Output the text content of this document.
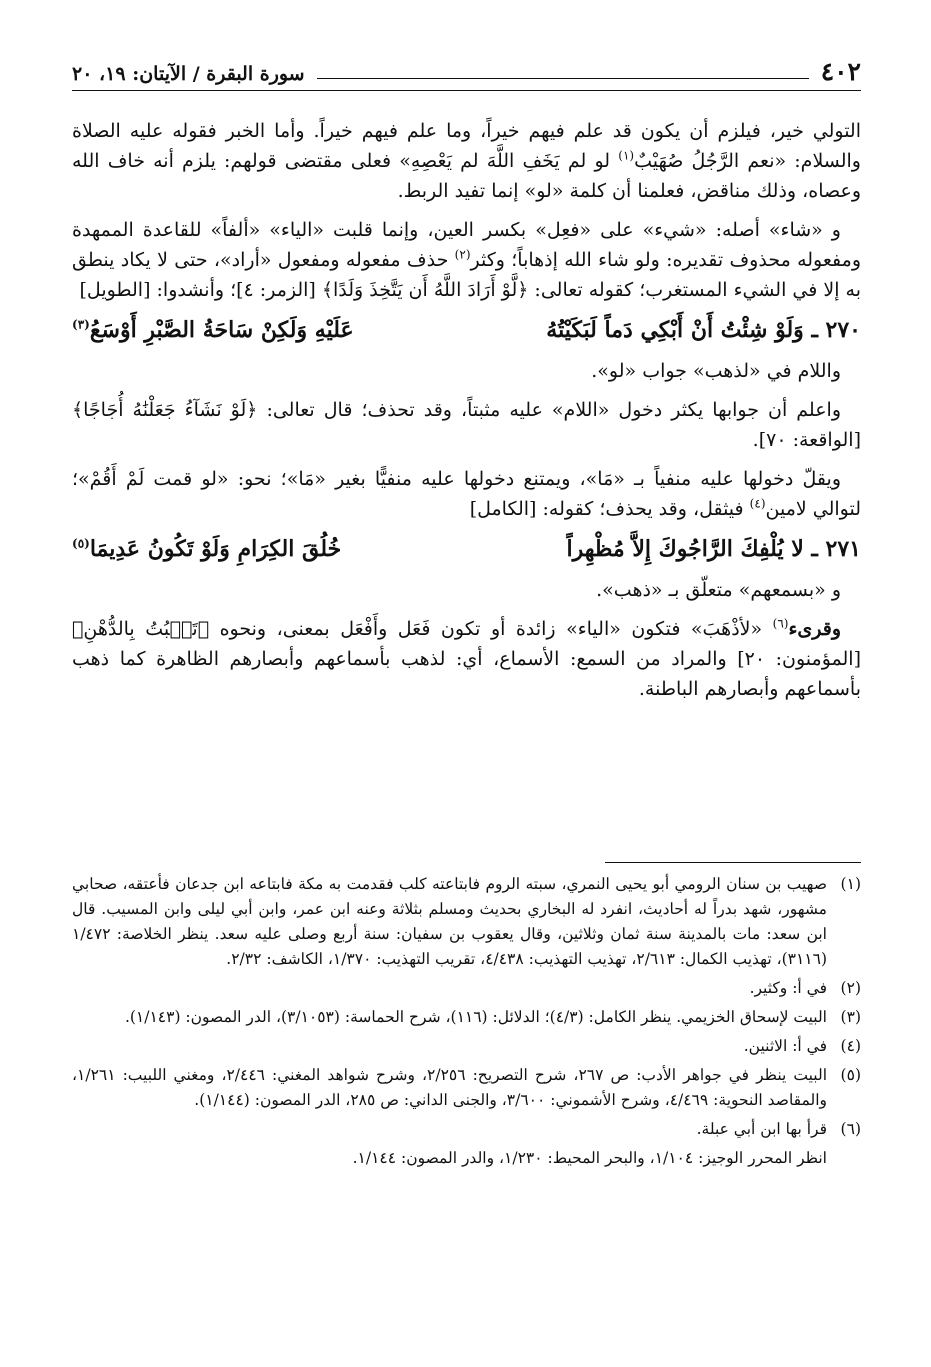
٤٠٢
سورة البقرة / الآيتان: ١٩، ٢٠

التولي خير، فيلزم أن يكون قد علم فيهم خيراً، وما علم فيهم خيراً. وأما الخبر فقوله عليه الصلاة والسلام: «نعم الرَّجُلُ صُهَيْبٌ$^{(١)}$ لو لم يَخَفِ اللَّهَ لم يَعْصِهِ» فعلى مقتضى قولهم: يلزم أنه خاف الله وعصاه، وذلك مناقض، فعلمنا أن كلمة «لو» إنما تفيد الربط.

و «شاء» أصله: «شيء» على «فعِل» بكسر العين، وإنما قلبت «الياء» «ألفاً» للقاعدة الممهدة ومفعوله محذوف تقديره: ولو شاء الله إذهاباً؛ وكثر$^{(٢)}$ حذف مفعوله ومفعول «أراد»، حتى لا يكاد ينطق به إلا في الشيء المستغرب؛ كقوله تعالى: ﴿لَّوْ أَرَادَ اللَّهُ أَن يَتَّخِذَ وَلَدًا﴾ [الزمر: ٤]؛ وأنشدوا: [الطويل]

٢٧٠ ـ وَلَوْ شِئْتُ أَنْ أَبْكِي دَماً لَبَكَيْتُهُ
عَلَيْهِ وَلَكِنْ سَاحَةُ الصَّبْرِ أَوْسَعُ$^{(٣)}$

واللام في «لذهب» جواب «لو».

واعلم أن جوابها يكثر دخول «اللام» عليه مثبتاً، وقد تحذف؛ قال تعالى: ﴿لَوْ نَشَآءُ جَعَلْنَٰهُ أُجَاجًا﴾ [الواقعة: ٧٠].

ويقلّ دخولها عليه منفياً بـ «مَا»، ويمتنع دخولها عليه منفيًّا بغير «مَا»؛ نحو: «لو قمت لَمْ أَقُمْ»؛ لتوالي لامين$^{(٤)}$ فيثقل، وقد يحذف؛ كقوله: [الكامل]

٢٧١ ـ لا يُلْفِكَ الرَّاجُوكَ إِلاَّ مُظْهِراً
خُلُقَ الكِرَامِ وَلَوْ تَكُونُ عَدِيمَا$^{(٥)}$

و «بسمعهم» متعلّق بـ «ذهب».

وقرىء$^{(٦)}$ «لأذْهَبَ» فتكون «الياء» زائدة أو تكون فَعَل وأَفْعَل بمعنى، ونحوه ﴿تَنۢبُتُ بِالدُّهْنِ﴾ [المؤمنون: ٢٠] والمراد من السمع: الأسماع، أي: لذهب بأسماعهم وأبصارهم الظاهرة كما ذهب بأسماعهم وأبصارهم الباطنة.

(١)
صهيب بن سنان الرومي أبو يحيى النمري، سبته الروم فابتاعته كلب فقدمت به مكة فابتاعه ابن جدعان فأعتقه، صحابي مشهور، شهد بدراً له أحاديث، انفرد له البخاري بحديث ومسلم بثلاثة وعنه ابن عمر، وابن أبي ليلى وابن المسيب. قال ابن سعد: مات بالمدينة سنة ثمان وثلاثين، وقال يعقوب بن سفيان: سنة أربع وصلى عليه سعد. ينظر الخلاصة: ١/٤٧٢ (٣١١٦)، تهذيب الكمال: ٢/٦١٣، تهذيب التهذيب: ٤/٤٣٨، تقريب التهذيب: ١/٣٧٠، الكاشف: ٢/٣٢.
(٢)
في أ: وكثير.
(٣)
البيت لإسحاق الخزيمي. ينظر الكامل: (٤/٣)؛ الدلائل: (١١٦)، شرح الحماسة: (٣/١٠٥٣)، الدر المصون: (١/١٤٣).
(٤)
في أ: الاثنين.
(٥)
البيت ينظر في جواهر الأدب: ص ٢٦٧، شرح التصريح: ٢/٢٥٦، وشرح شواهد المغني: ٢/٤٤٦، ومغني اللبيب: ١/٢٦١، والمقاصد النحوية: ٤/٤٦٩، وشرح الأشموني: ٣/٦٠٠، والجنى الداني: ص ٢٨٥، الدر المصون: (١/١٤٤).
(٦)
قرأ بها ابن أبي عبلة.
انظر المحرر الوجيز: ١/١٠٤، والبحر المحيط: ١/٢٣٠، والدر المصون: ١/١٤٤.
